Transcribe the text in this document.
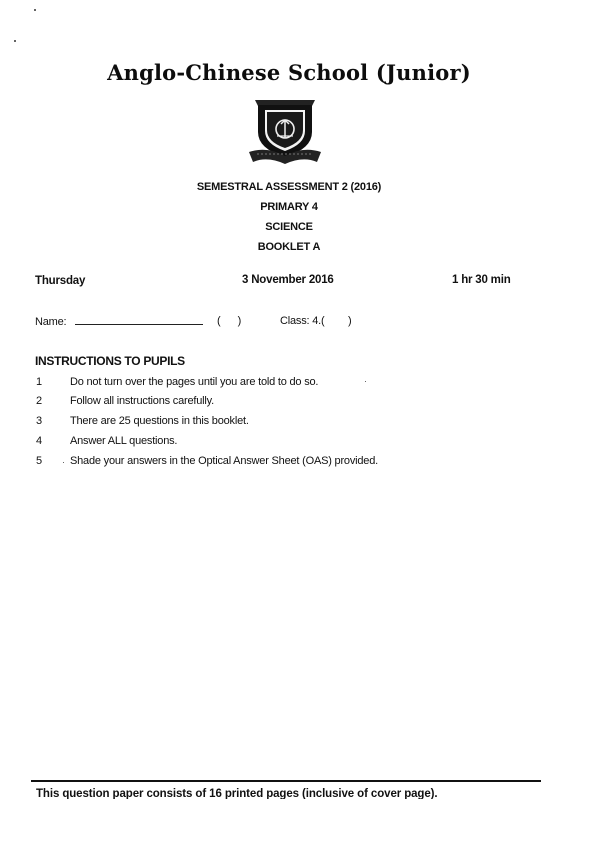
Anglo-Chinese School (Junior)
SEMESTRAL ASSESSMENT 2 (2016)
PRIMARY 4
SCIENCE
BOOKLET A
Thursday	3 November 2016	1 hr 30 min
Name:	(      )	Class: 4.( )
INSTRUCTIONS TO PUPILS
1	Do not turn over the pages until you are told to do so.
2	Follow all instructions carefully.
3	There are 25 questions in this booklet.
4	Answer ALL questions.
5	Shade your answers in the Optical Answer Sheet (OAS) provided.
This question paper consists of 16 printed pages (inclusive of cover page).
